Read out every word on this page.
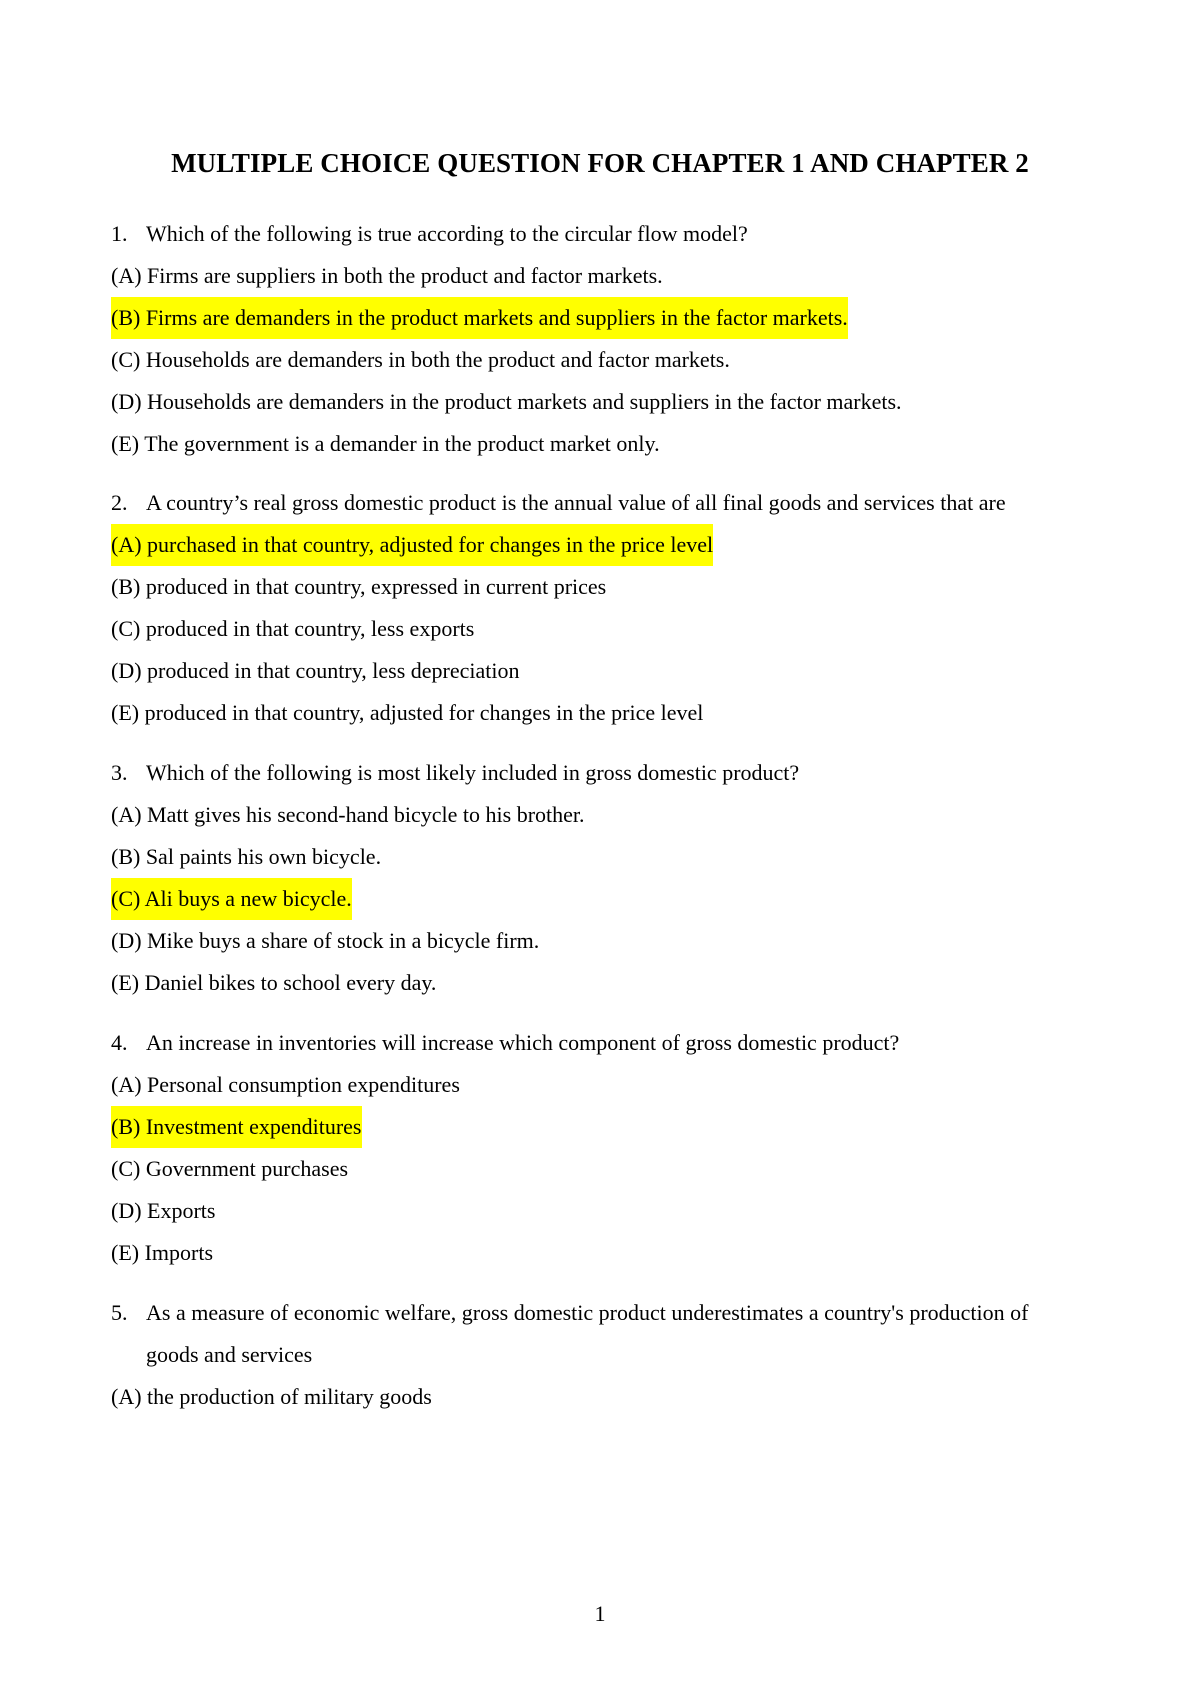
MULTIPLE CHOICE QUESTION FOR CHAPTER 1 AND CHAPTER 2
1. Which of the following is true according to the circular flow model?
(A) Firms are suppliers in both the product and factor markets.
(B) Firms are demanders in the product markets and suppliers in the factor markets.
(C) Households are demanders in both the product and factor markets.
(D) Households are demanders in the product markets and suppliers in the factor markets.
(E) The government is a demander in the product market only.
2. A country’s real gross domestic product is the annual value of all final goods and services that are
(A) purchased in that country, adjusted for changes in the price level
(B) produced in that country, expressed in current prices
(C) produced in that country, less exports
(D) produced in that country, less depreciation
(E) produced in that country, adjusted for changes in the price level
3. Which of the following is most likely included in gross domestic product?
(A) Matt gives his second-hand bicycle to his brother.
(B) Sal paints his own bicycle.
(C) Ali buys a new bicycle.
(D) Mike buys a share of stock in a bicycle firm.
(E) Daniel bikes to school every day.
4. An increase in inventories will increase which component of gross domestic product?
(A) Personal consumption expenditures
(B) Investment expenditures
(C) Government purchases
(D) Exports
(E) Imports
5. As a measure of economic welfare, gross domestic product underestimates a country's production of
goods and services
(A) the production of military goods
1
